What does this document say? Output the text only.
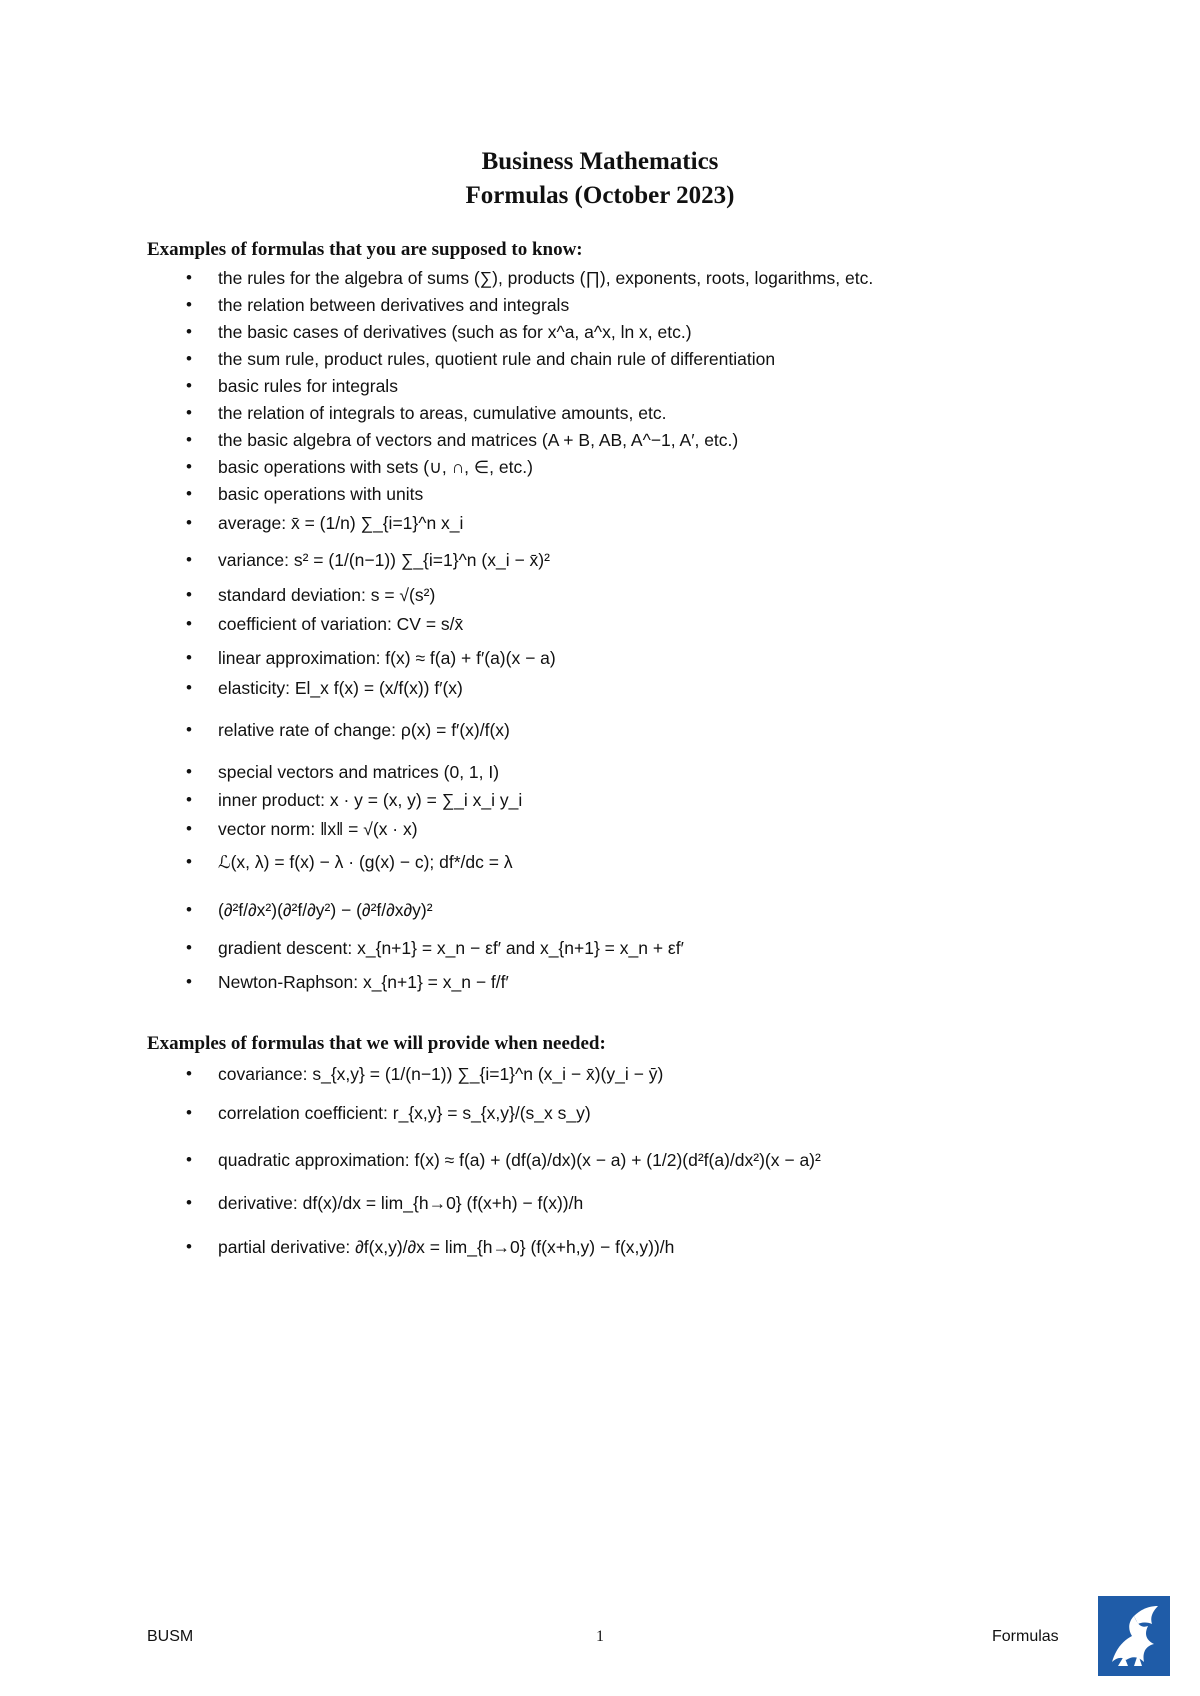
Business Mathematics
Formulas (October 2023)
Examples of formulas that you are supposed to know:
• the rules for the algebra of sums (∑), products (∏), exponents, roots, logarithms, etc.
• the relation between derivatives and integrals
• the basic cases of derivatives (such as for x^a, a^x, ln x, etc.)
• the sum rule, product rules, quotient rule and chain rule of differentiation
• basic rules for integrals
• the relation of integrals to areas, cumulative amounts, etc.
• the basic algebra of vectors and matrices (A + B, AB, A^−1, A′, etc.)
• basic operations with sets (∪, ∩, ∈, etc.)
• basic operations with units
• average: x̄ = (1/n) ∑_{i=1}^n x_i
• variance: s² = (1/(n−1)) ∑_{i=1}^n (x_i − x̄)²
• standard deviation: s = √(s²)
• coefficient of variation: CV = s/x̄
• linear approximation: f(x) ≈ f(a) + f′(a)(x − a)
• elasticity: El_x f(x) = (x/f(x)) f′(x)
• relative rate of change: ρ(x) = f′(x)/f(x)
• special vectors and matrices (0, 1, I)
• inner product: x · y = (x, y) = ∑_i x_i y_i
• vector norm: ‖x‖ = √(x · x)
• ℒ(x, λ) = f(x) − λ · (g(x) − c); df*/dc = λ
• (∂²f/∂x²)(∂²f/∂y²) − (∂²f/∂x∂y)²
• gradient descent: x_{n+1} = x_n − εf′ and x_{n+1} = x_n + εf′
• Newton-Raphson: x_{n+1} = x_n − f/f′
Examples of formulas that we will provide when needed:
• covariance: s_{x,y} = (1/(n−1)) ∑_{i=1}^n (x_i − x̄)(y_i − ȳ)
• correlation coefficient: r_{x,y} = s_{x,y}/(s_x s_y)
• quadratic approximation: f(x) ≈ f(a) + (df(a)/dx)(x − a) + (1/2)(d²f(a)/dx²)(x − a)²
• derivative: df(x)/dx = lim_{h→0} (f(x+h) − f(x))/h
• partial derivative: ∂f(x,y)/∂x = lim_{h→0} (f(x+h,y) − f(x,y))/h
BUSM	1	Formulas
